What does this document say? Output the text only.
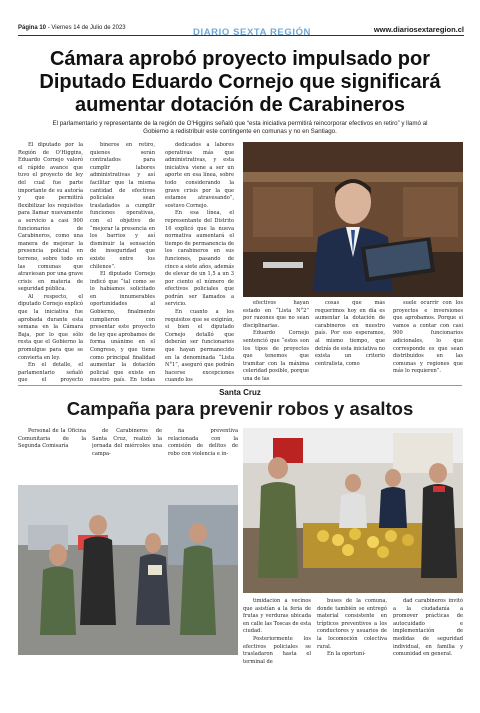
Página 10 - Viernes 14 de Julio de 2023	DIARIO SEXTA REGIÓN	www.diariosextaregion.cl
Cámara aprobó proyecto impulsado por Diputado Eduardo Cornejo que significará aumentar dotación de Carabineros
El parlamentario y representante de la región de O'Higgins señaló que “esta iniciativa permitirá reincorporar efectivos en retiro” y llamó al Gobierno a redistribuir este contingente en comunas y no en Santiago.

El diputado por la Región de O'Higgins, Eduardo Cornejo valoró el rápido avance que tuvo el proyecto de ley del cual fue parte importante de su autoría y que permitirá flexibilizar los requisitos para llamar nuevamente a servicio a casi 900 funcionarios de Carabineros, como una manera de mejorar la presencia policial en terreno, sobre todo en las comunas que atraviesan por una grave crisis en materia de seguridad pública.

Al respecto, el diputado Cornejo explicó que la iniciativa fue aprobada durante esta semana en la Cámara Baja, por lo que sólo resta que el Gobierno la promulgue para que se convierta en ley.

En el detalle, el parlamentario señaló que el proyecto

bineros en retiro, quienes serán contratados para cumplir labores administrativas y así facilitar que la misma cantidad de efectivos policiales sean trasladados a cumplir funciones operativas, con el objetivo de “mejorar la presencia en los barrios y así disminuir la sensación de inseguridad que existe entre los chilenos”.

El diputado Cornejo indicó que “tal como se lo habíamos solicitado en innumerables oportunidades al Gobierno, finalmente cumplieron con presentar este proyecto de ley que aprobamos de forma unánime en el Congreso, y que tiene como principal finalidad aumentar la dotación policial que existe en nuestro país. En todas

dedicados a labores operativas más que administrativas, y esta iniciativa viene a ser un aporte en esa línea, sobre todo considerando la grave crisis por la que estamos atravesando”, sostuvo Cornejo.

En esa línea, el representante del Distrito 16 explicó que la nueva normativa aumentará el tiempo de permanencia de los carabineros en sus funciones, pasando de cinco a siete años, además de elevar de un 1,5 a un 3 por ciento el número de efectivos policiales que podrán ser llamados a servicio.

En cuanto a los requisitos que se exigirán, si bien el diputado Cornejo detalló que deberán ser funcionarios que hayan permanecido en la denominada “Lista N°1”, aseguró que podrán hacerse excepciones cuando los

efectivos hayan estado en “Lista N°2” por razones que no sean disciplinarias.

Eduardo Cornejo sentenció que “estos son los tipos de proyectos que tenemos que tramitar con la máxima celeridad posible, porque una de las

cosas que más requerimos hoy en día es aumentar la dotación de carabineros en nuestro país. Por eso esperamos, al mismo tiempo, que detrás de esta iniciativa no exista un criterio centralista, como

suele ocurrir con los proyectos e inversiones que aprobamos. Porque si vamos a contar con casi 900 funcionarios adicionales, lo que corresponde es que sean distribuidos en las comunas y regiones que más lo requieren”.

Santa Cruz
Campaña para prevenir robos y asaltos

Personal de la Oficina Comunitaria de la Segunda Comisaría

de Carabineros de Santa Cruz, realizó la jornada del miércoles una campa-

ña preventiva relacionada con la comisión de delitos de robo con violencia e in-

timidación a vecinos que asistían a la feria de frutas y verduras ubicada en calle las Toscas de esta ciudad.

Posteriormente los efectivos policiales se trasladaron hasta el terminal de

buses de la comuna, donde también se entregó material consistente en trípticos preventivos a los conductores y usuarios de la locomoción colectiva rural.

En la oportuni-

dad carabineros invitó a la ciudadanía a promover prácticas de autocuidado e implementación de medidas de seguridad individual, en familia y comunidad en general.
